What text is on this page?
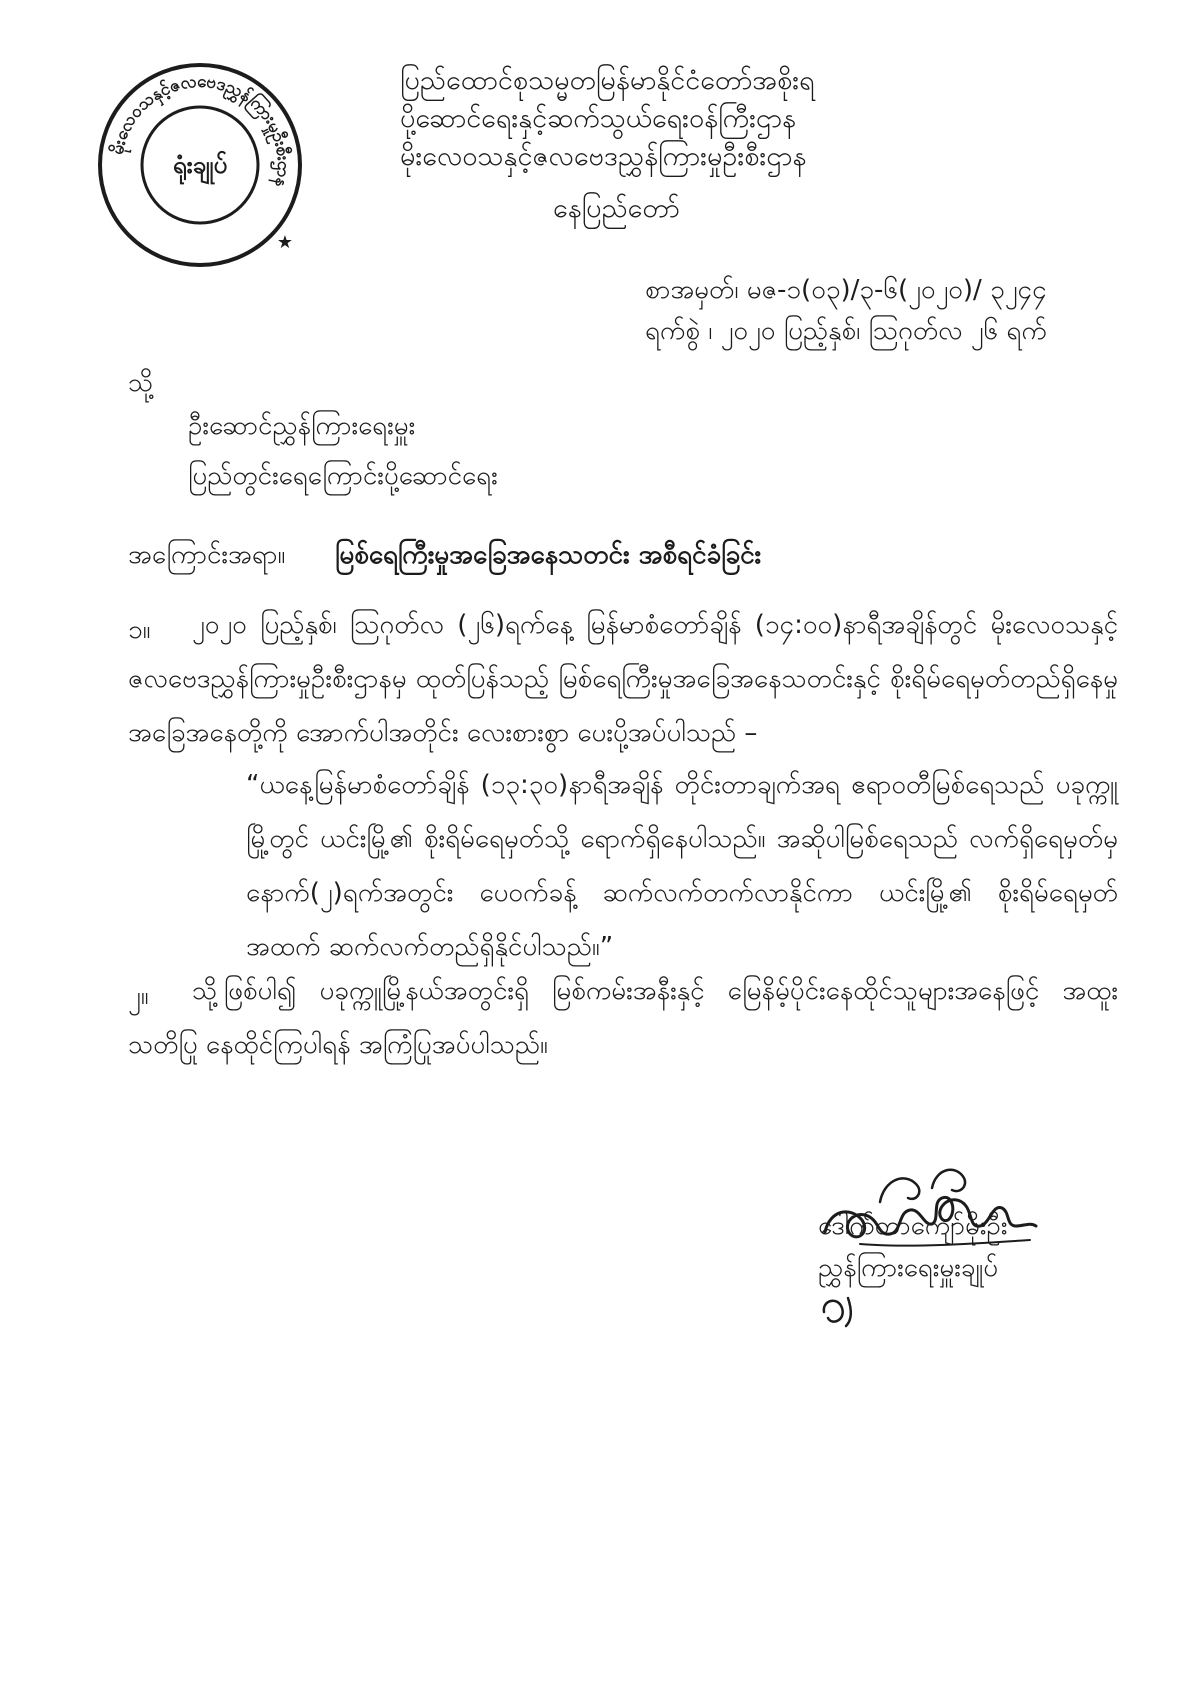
မိုးလေဝသနှင့်ဇလဗေဒညွှန်ကြားမှုဦးစီးဌာန
ရုံးချုပ်
★
ပြည်ထောင်စုသမ္မတမြန်မာနိုင်ငံတော်အစိုးရ
ပို့ဆောင်ရေးနှင့်ဆက်သွယ်ရေးဝန်ကြီးဌာန
မိုးလေဝသနှင့်ဇလဗေဒညွှန်ကြားမှုဦးစီးဌာန
နေပြည်တော်
စာအမှတ်၊ မဇ-၁(၀၃)/၃-၆(၂၀၂၀)/ ၃၂၄၄
ရက်စွဲ ၊ ၂၀၂၀ ပြည့်နှစ်၊ ဩဂုတ်လ ၂၆ ရက်
သို့
ဦးဆောင်ညွှန်ကြားရေးမှူး
ပြည်တွင်းရေကြောင်းပို့ဆောင်ရေး
အကြောင်းအရာ။ မြစ်ရေကြီးမှုအခြေအနေသတင်း အစီရင်ခံခြင်း
၁။	၂၀၂၀ ပြည့်နှစ်၊ ဩဂုတ်လ (၂၆)ရက်နေ့ မြန်မာစံတော်ချိန် (၁၄:၀၀)နာရီအချိန်တွင် မိုးလေဝသနှင့်ဇလဗေဒညွှန်ကြားမှုဦးစီးဌာနမှ ထုတ်ပြန်သည့် မြစ်ရေကြီးမှုအခြေအနေသတင်းနှင့် စိုးရိမ်ရေမှတ်တည်ရှိနေမှု အခြေအနေတို့ကို အောက်ပါအတိုင်း လေးစားစွာ ပေးပို့အပ်ပါသည် –
“ယနေ့မြန်မာစံတော်ချိန် (၁၃:၃၀)နာရီအချိန် တိုင်းတာချက်အရ ဧရာဝတီမြစ်ရေသည် ပခုက္ကူမြို့တွင် ယင်းမြို့၏ စိုးရိမ်ရေမှတ်သို့ ရောက်ရှိနေပါသည်။ အဆိုပါမြစ်ရေသည် လက်ရှိရေမှတ်မှ နောက်(၂)ရက်အတွင်း ပေ၀က်ခန့် ဆက်လက်တက်လာနိုင်ကာ ယင်းမြို့၏ စိုးရိမ်ရေမှတ်အထက် ဆက်လက်တည်ရှိနိုင်ပါသည်။”
၂။	သို့ဖြစ်ပါ၍ ပခုက္ကူမြို့နယ်အတွင်းရှိ မြစ်ကမ်းအနီးနှင့် မြေနိမ့်ပိုင်းနေထိုင်သူများအနေဖြင့် အထူးသတိပြု နေထိုင်ကြပါရန် အကြံပြုအပ်ပါသည်။
ဒေါက်တာကျော်မိုးဦး
ညွှန်ကြားရေးမှူးချုပ်
